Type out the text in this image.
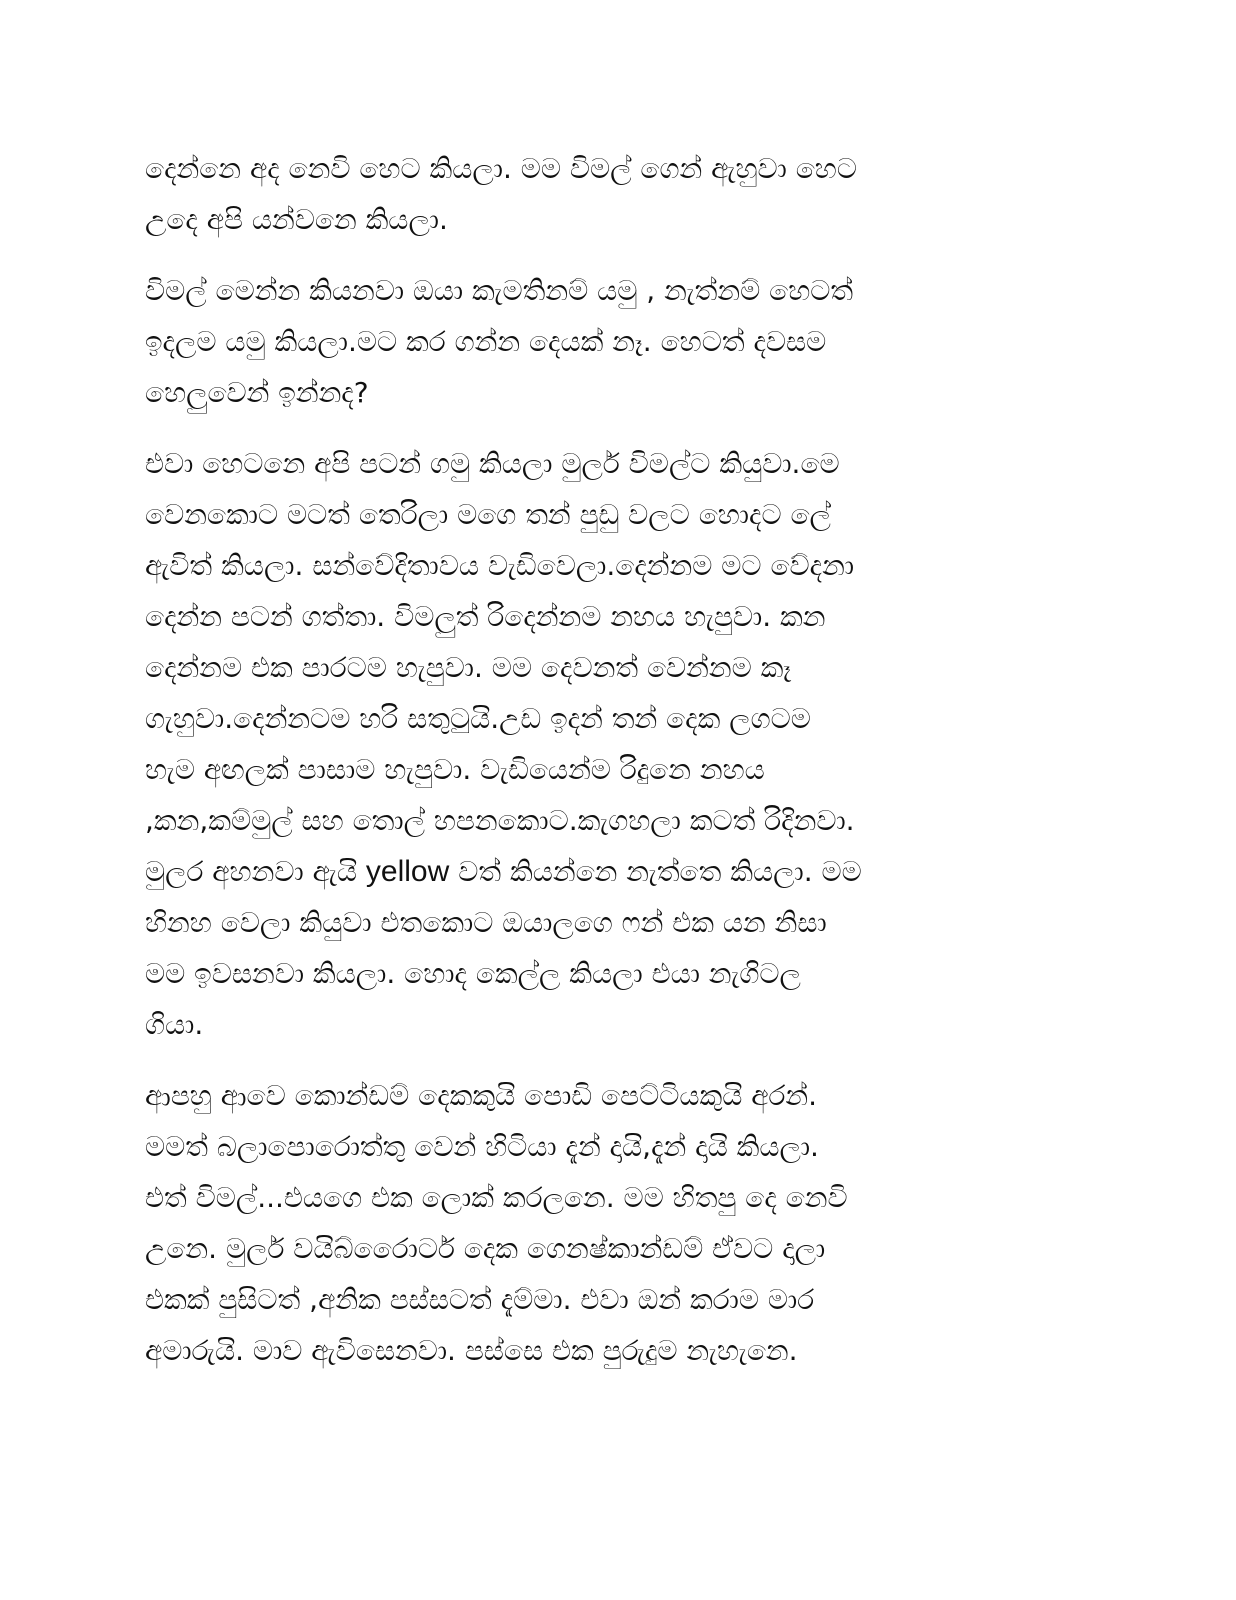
දෙන්නෙ අද නෙවි හෙට කියලා. මම විමල් ගෙන් ඇහුවා හෙට
උදෙ අපි යන්වනෙ කියලා.

විමල් මෙන්න කියනවා ඔයා කැමතිනම් යමු , නැත්නම් හෙටත්
ඉදලම යමු කියලා.මට කර ගන්න දෙයක් නෑ. හෙටත් දවසම
හෙලුවෙන් ඉන්නද?

එවා හෙටනෙ අපි පටන් ගමු කියලා මුලර් විමල්ට කියුවා.මෙ
වෙනකොට මටත් තෙරිලා මගෙ තන් පුඩු වලට හොදට ලේ
ඇවිත් කියලා. සන්වේදිතාවය වැඩිවෙලා.දෙන්නම මට වේදනා
දෙන්න පටන් ගත්තා. විමලුත් රිදෙන්නම නහය හැපුවා. කන
දෙන්නම එක පාරටම හැපුවා. මම දෙවනත් වෙන්නම කෑ
ගැහුවා.දෙන්නටම හරි සතුටුයි.උඩ ඉදන් තන් දෙක ලගටම
හැම අඟලක් පාසාම හැපුවා. වැඩියෙන්ම රිදුනෙ නහය
,කන,කම්මුල් සහ තොල් හපනකොට.කැගහලා කටත් රිදිනවා.
මුලර අහනවා ඇයි yellow වත් කියන්නෙ නැත්තෙ කියලා. මම
හිනහ වෙලා කියුවා එතකොට ඔයාලගෙ ෆන් එක යන නිසා
මම ඉවසනවා කියලා. හොද කෙල්ල කියලා එයා නැගිටල
ගියා.

ආපහු ආවෙ කොන්ඩම් දෙකකුයි පොඩි පෙට්ටියකුයි අරන්.
මමත් බලාපොරොත්තු වෙන් හිටියා දැන් දායි,දැන් දායි කියලා.
එත් විමල්...එයගෙ එක ලොක් කරලනෙ. මම හිතපු දෙ නෙවි
උනෙ. මුලර් වයිබ්රෙොටර් දෙක ගෙනෂ්කාන්ඩම් ඒවට දාලා
එකක් පුසිටත් ,අනික පස්සටත් දැම්මා. එවා ඔන් කරාම මාර
අමාරුයි. මාව ඇවිසෙනවා. පස්සෙ එක පුරුදුම නැහැනෙ.
